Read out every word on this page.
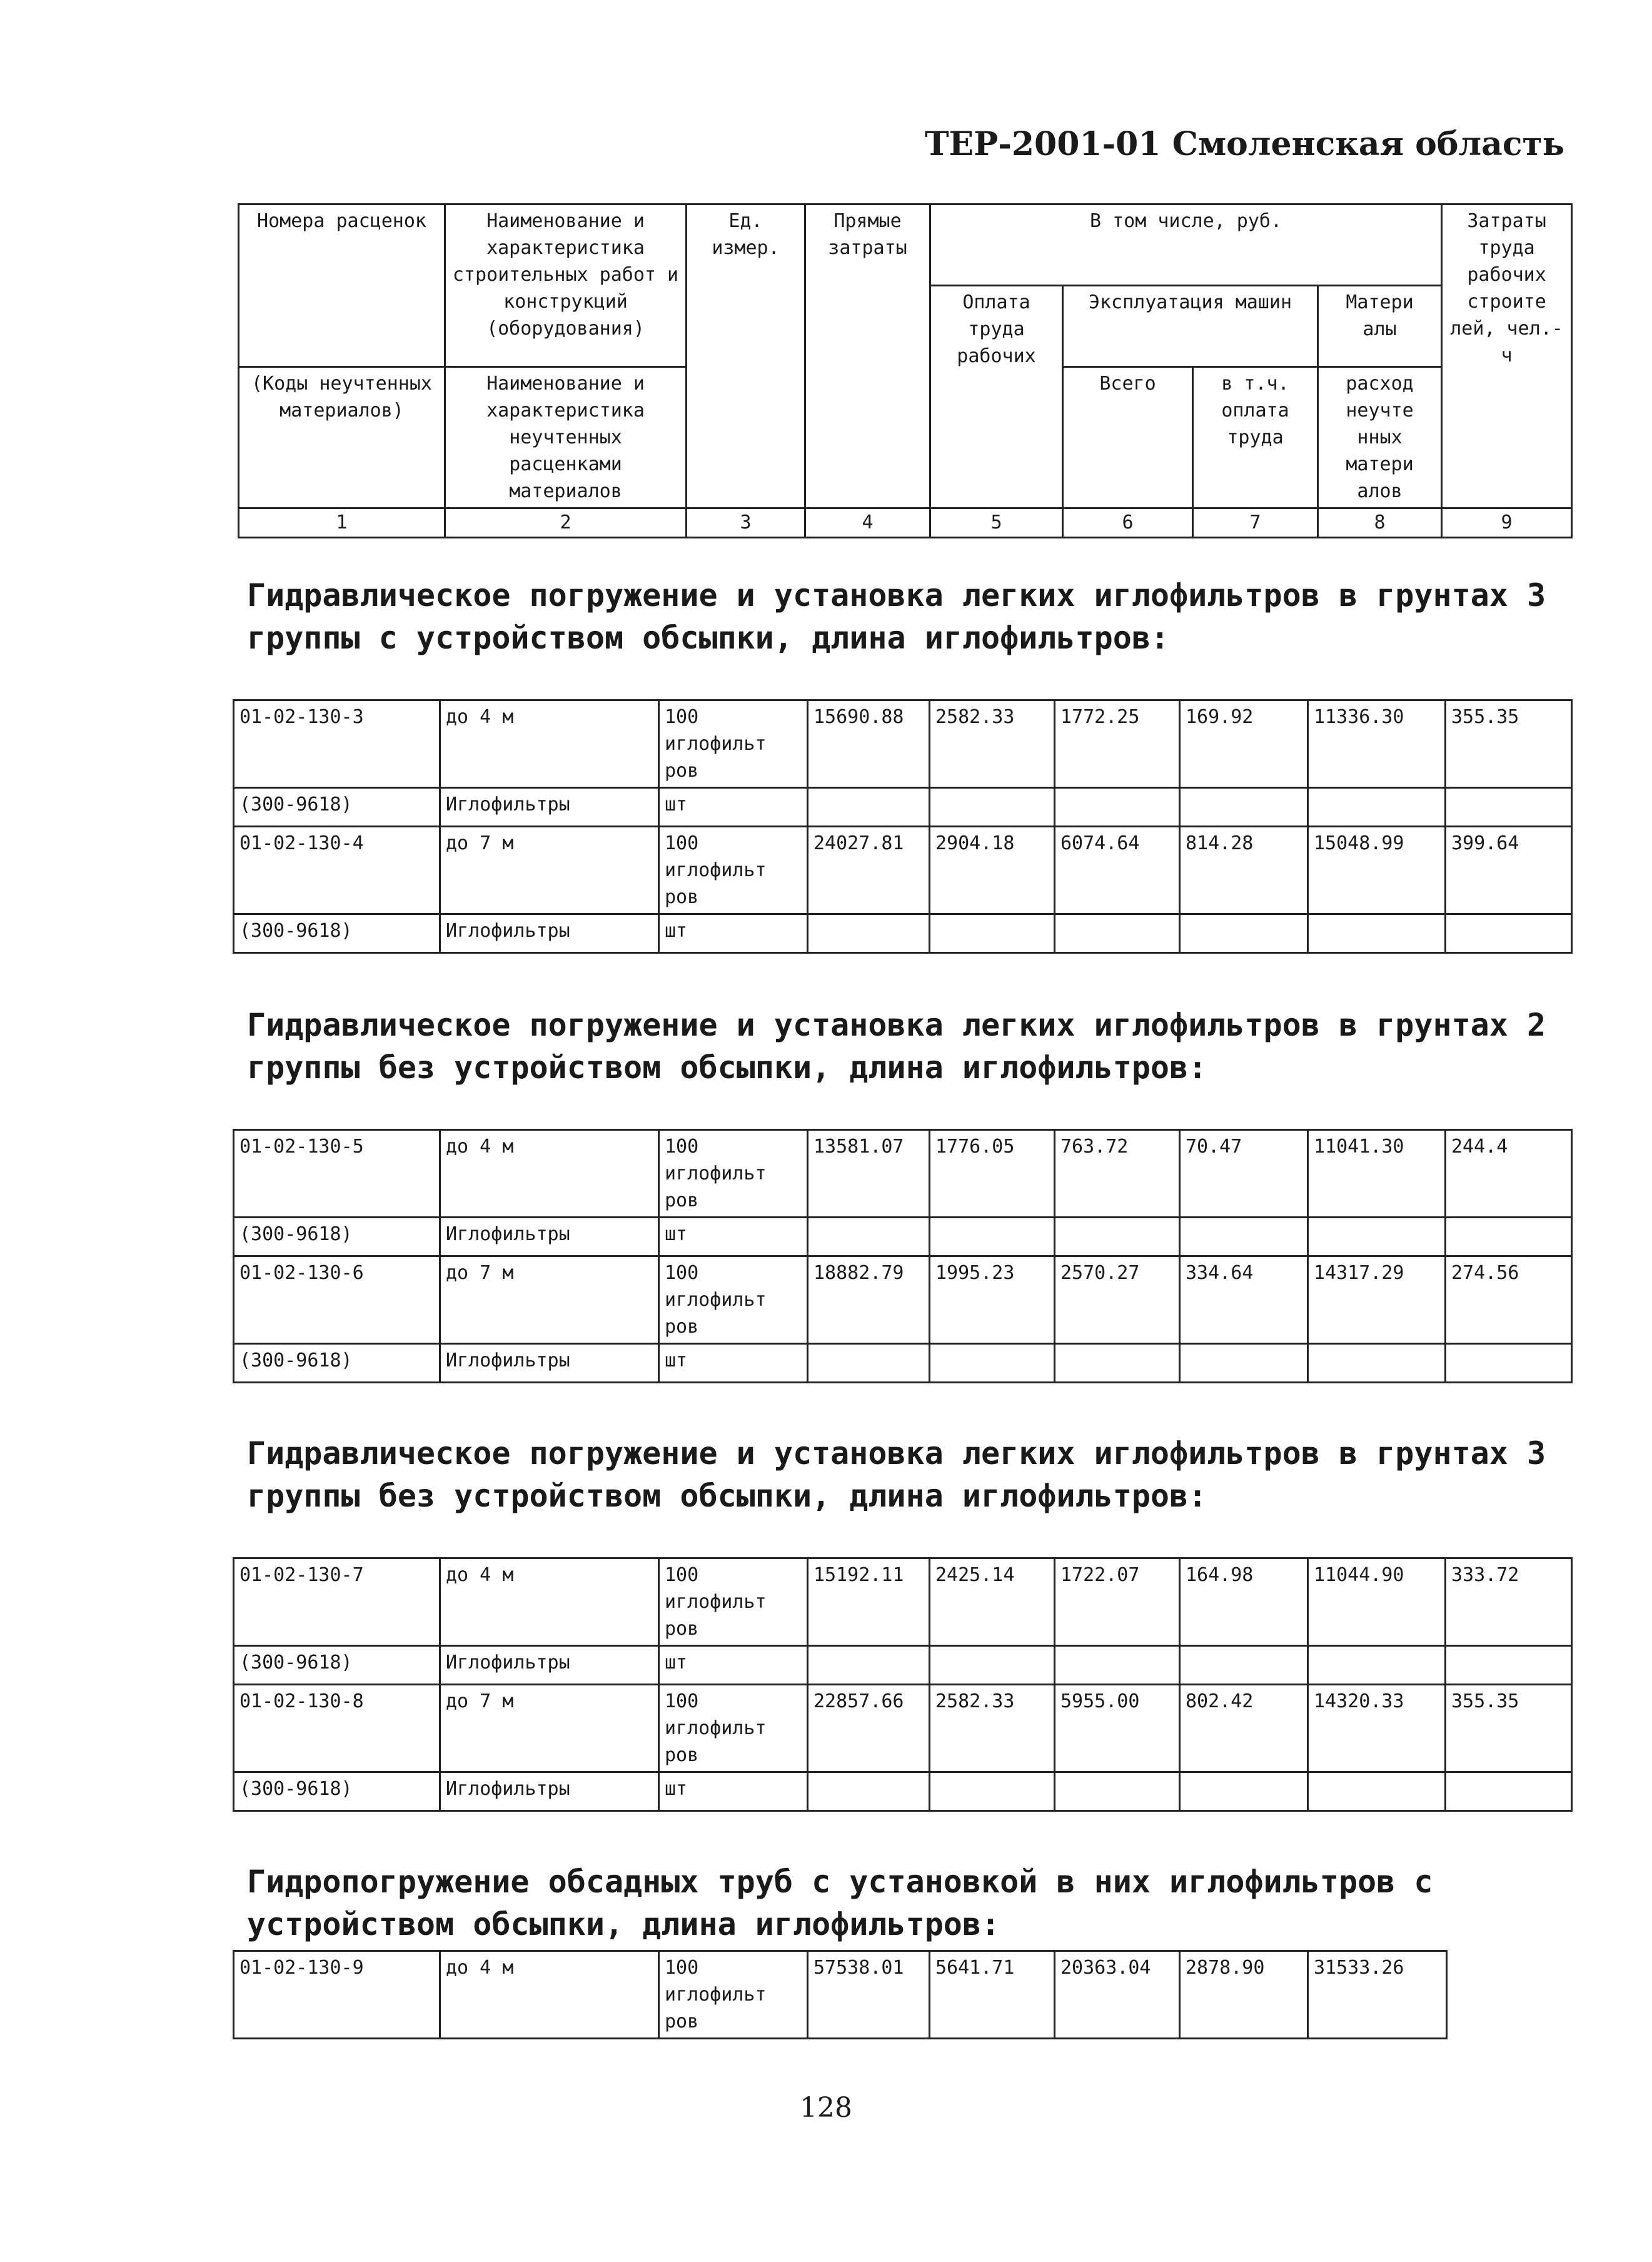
ТЕР-2001-01 Смоленская область
Номера расценок	Наименование и характеристика строительных работ и конструкций (оборудования)	Ед. измер.	Прямые затраты	В том числе, руб.				Затраты труда рабочих строите лей, чел.-ч
				Оплата труда рабочих	Эксплуатация машин		Матери алы	
(Коды неучтенных материалов)	Наименование и характеристика неучтенных расценками материалов				Всего	в т.ч. оплата труда	расход неучте нных матери алов	
1	2	3	4	5	6	7	8	9

Гидравлическое погружение и установка легких иглофильтров в грунтах 3 группы с устройством обсыпки, длина иглофильтров:

01-02-130-3	до 4 м	100 иглофильт ров	15690.88	2582.33	1772.25	169.92	11336.30	355.35
(300-9618)	Иглофильтры	шт						
01-02-130-4	до 7 м	100 иглофильт ров	24027.81	2904.18	6074.64	814.28	15048.99	399.64
(300-9618)	Иглофильтры	шт						

Гидравлическое погружение и установка легких иглофильтров в грунтах 2 группы без устройством обсыпки, длина иглофильтров:

01-02-130-5	до 4 м	100 иглофильт ров	13581.07	1776.05	763.72	70.47	11041.30	244.4
(300-9618)	Иглофильтры	шт						
01-02-130-6	до 7 м	100 иглофильт ров	18882.79	1995.23	2570.27	334.64	14317.29	274.56
(300-9618)	Иглофильтры	шт						

Гидравлическое погружение и установка легких иглофильтров в грунтах 3 группы без устройством обсыпки, длина иглофильтров:

01-02-130-7	до 4 м	100 иглофильт ров	15192.11	2425.14	1722.07	164.98	11044.90	333.72
(300-9618)	Иглофильтры	шт						
01-02-130-8	до 7 м	100 иглофильт ров	22857.66	2582.33	5955.00	802.42	14320.33	355.35
(300-9618)	Иглофильтры	шт						

Гидропогружение обсадных труб с установкой в них иглофильтров с устройством обсыпки, длина иглофильтров:

01-02-130-9	до 4 м	100 иглофильт ров	57538.01	5641.71	20363.04	2878.90	31533.26
128
